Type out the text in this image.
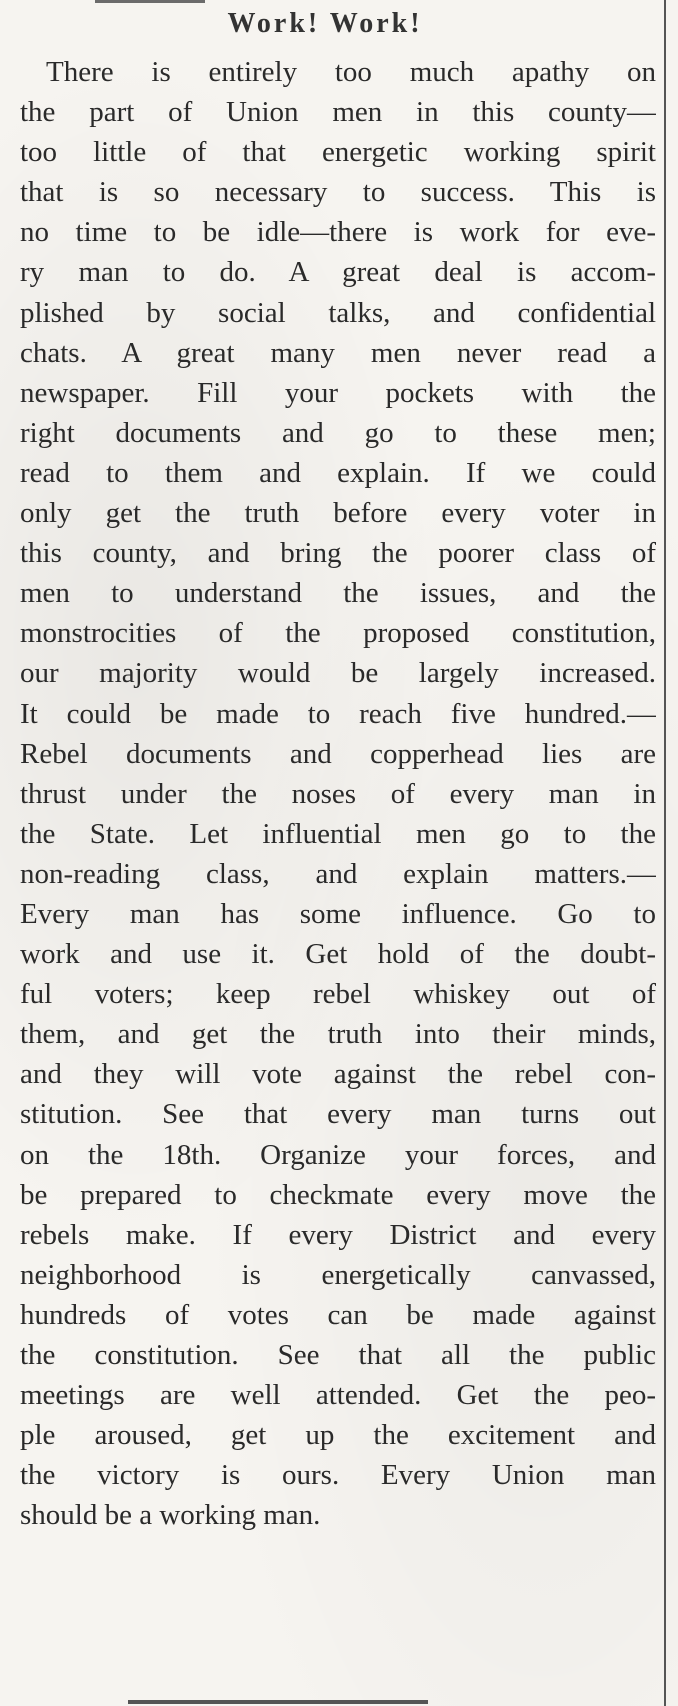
Work! Work!
There is entirely too much apathy on
the part of Union men in this county—
too little of that energetic working spirit
that is so necessary to success. This is
no time to be idle—there is work for eve-
ry man to do. A great deal is accom-
plished by social talks, and confidential
chats. A great many men never read a
newspaper. Fill your pockets with the
right documents and go to these men;
read to them and explain. If we could
only get the truth before every voter in
this county, and bring the poorer class of
men to understand the issues, and the
monstrocities of the proposed constitution,
our majority would be largely increased.
It could be made to reach five hundred.—
Rebel documents and copperhead lies are
thrust under the noses of every man in
the State. Let influential men go to the
non-reading class, and explain matters.—
Every man has some influence. Go to
work and use it. Get hold of the doubt-
ful voters; keep rebel whiskey out of
them, and get the truth into their minds,
and they will vote against the rebel con-
stitution. See that every man turns out
on the 18th. Organize your forces, and
be prepared to checkmate every move the
rebels make. If every District and every
neighborhood is energetically canvassed,
hundreds of votes can be made against
the constitution. See that all the public
meetings are well attended. Get the peo-
ple aroused, get up the excitement and
the victory is ours. Every Union man
should be a working man.
